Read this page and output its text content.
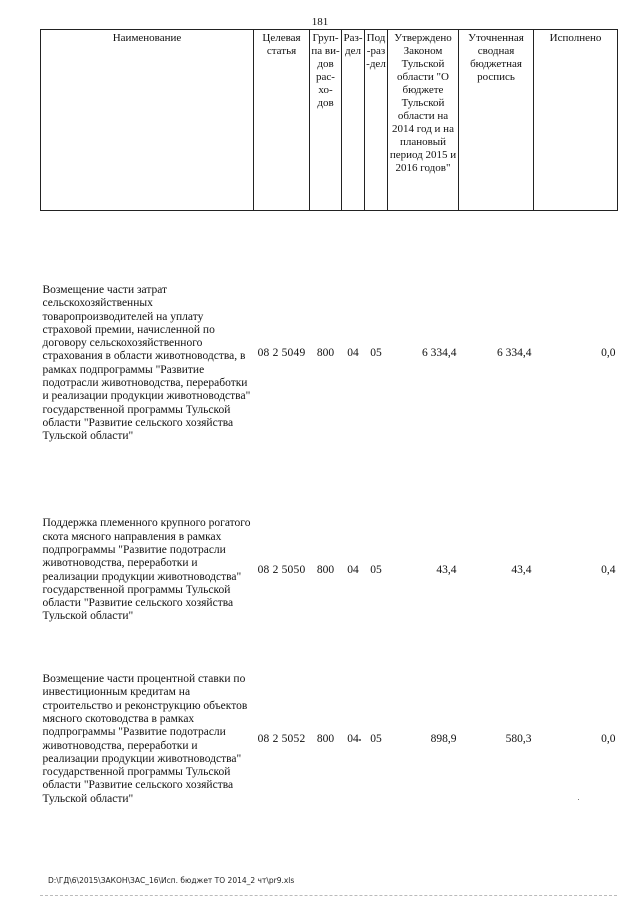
181
Наименование	Целевая статья	Груп-па ви-дов рас-хо-дов	Раз-дел	Под-раз-дел	Утверждено Законом Тульской области "О бюджете Тульской области на 2014 год и на плановый период 2015 и 2016 годов"	Уточненная сводная бюджетная роспись	Исполнено
Возмещение части затрат сельскохозяйственных товаропроизводителей на уплату страховой премии, начисленной по договору сельскохозяйственного страхования в области животноводства, в рамках подпрограммы "Развитие подотрасли животноводства, переработки и реализации продукции животноводства" государственной программы Тульской области "Развитие сельского хозяйства Тульской области"	08 2 5049	800	04	05	6 334,4	6 334,4	0,0
Поддержка племенного крупного рогатого скота мясного направления в рамках подпрограммы "Развитие подотрасли животноводства, переработки и реализации продукции животноводства" государственной программы Тульской области "Развитие сельского хозяйства Тульской области"	08 2 5050	800	04	05	43,4	43,4	0,4
Возмещение части процентной ставки по инвестиционным кредитам на строительство и реконструкцию объектов мясного скотоводства в рамках подпрограммы "Развитие подотрасли животноводства, переработки и реализации продукции животноводства" государственной программы Тульской области "Развитие сельского хозяйства Тульской области"	08 2 5052	800	04	05	898,9	580,3	0,0
D:\ГД\6\2015\ЗАКОН\ЗАС_16\Исп. бюджет ТО 2014_2 чт\pr9.xls
